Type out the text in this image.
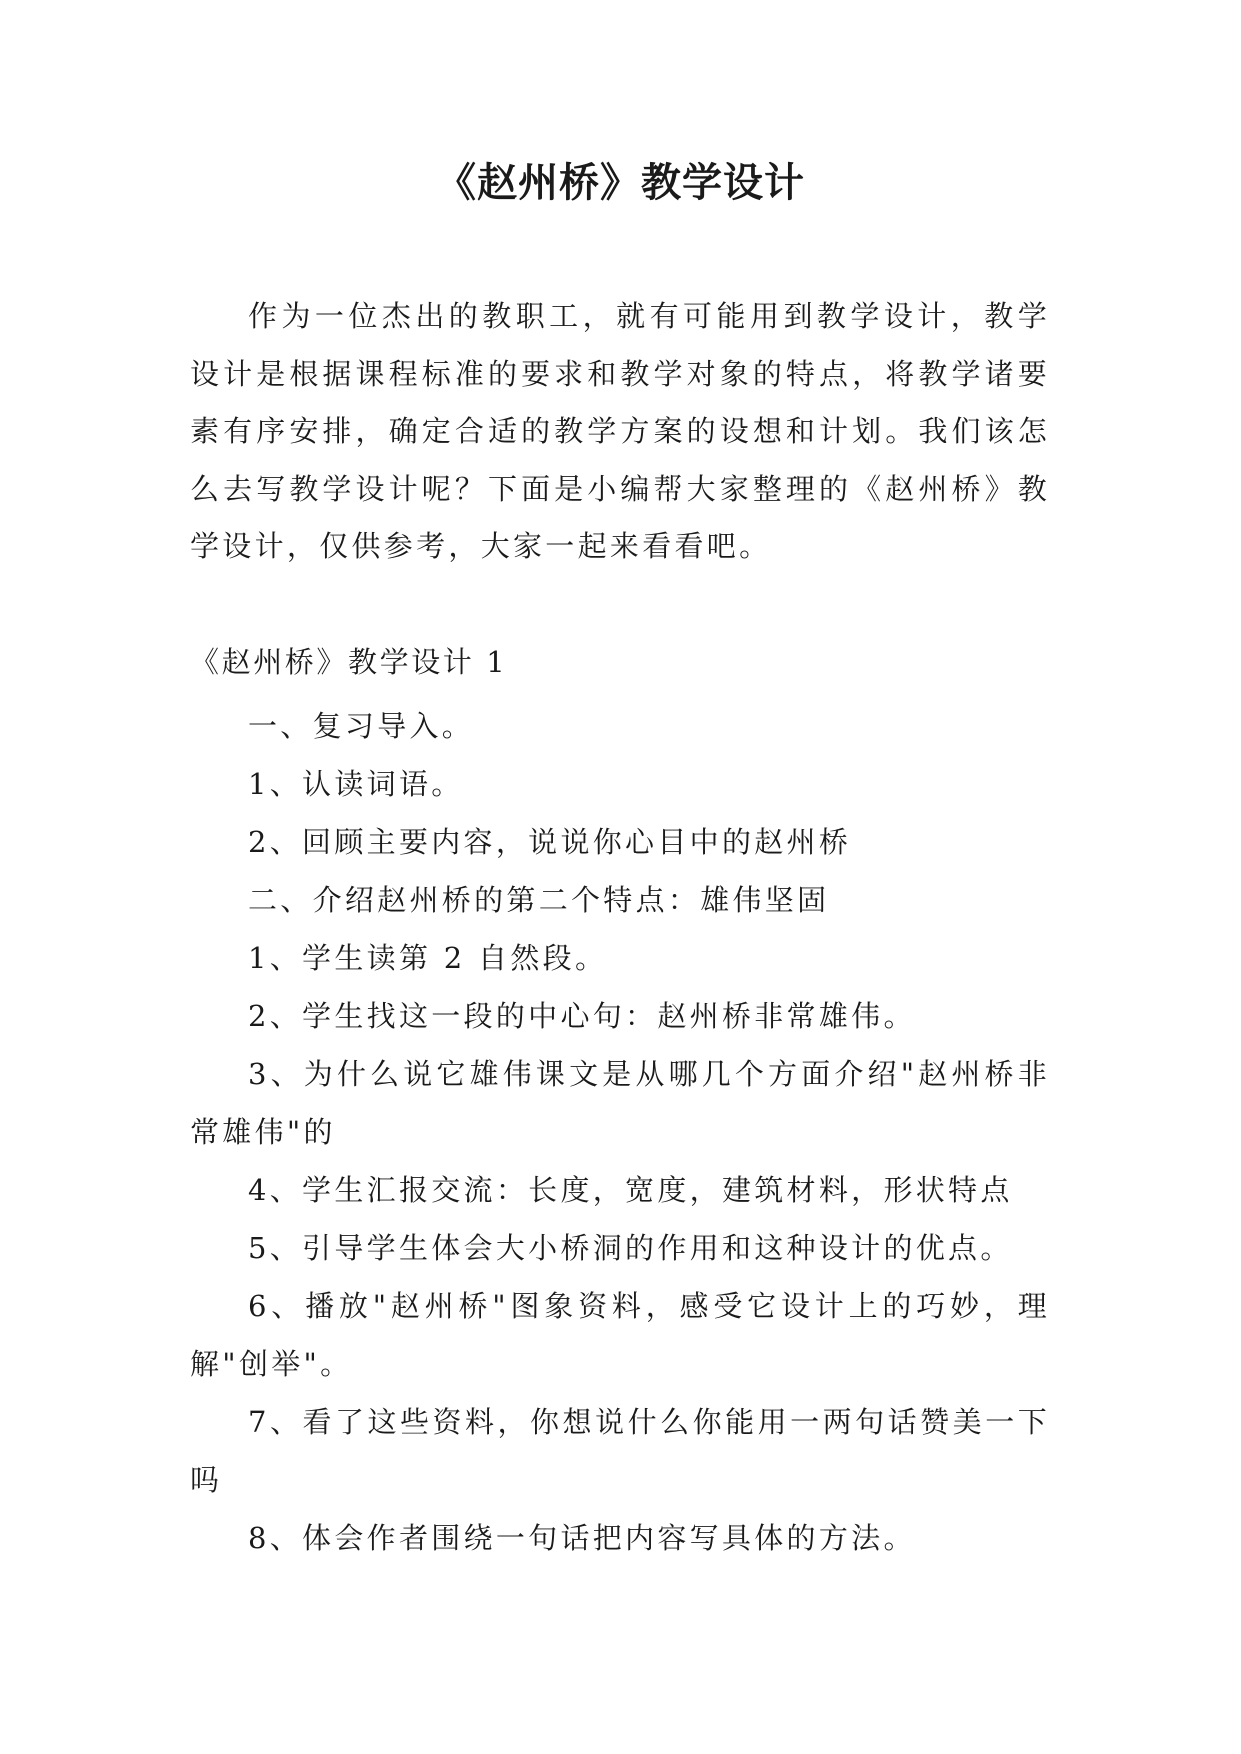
《赵州桥》教学设计

作为一位杰出的教职工，就有可能用到教学设计，教学设计是根据课程标准的要求和教学对象的特点，将教学诸要素有序安排，确定合适的教学方案的设想和计划。我们该怎么去写教学设计呢？下面是小编帮大家整理的《赵州桥》教学设计，仅供参考，大家一起来看看吧。

《赵州桥》教学设计 1
一、复习导入。
1、认读词语。
2、回顾主要内容，说说你心目中的赵州桥
二、介绍赵州桥的第二个特点：雄伟坚固
1、学生读第 2 自然段。
2、学生找这一段的中心句：赵州桥非常雄伟。
3、为什么说它雄伟课文是从哪几个方面介绍"赵州桥非常雄伟"的
4、学生汇报交流：长度，宽度，建筑材料，形状特点
5、引导学生体会大小桥洞的作用和这种设计的优点。
6、播放"赵州桥"图象资料，感受它设计上的巧妙，理解"创举"。
7、看了这些资料，你想说什么你能用一两句话赞美一下吗
8、体会作者围绕一句话把内容写具体的方法。
